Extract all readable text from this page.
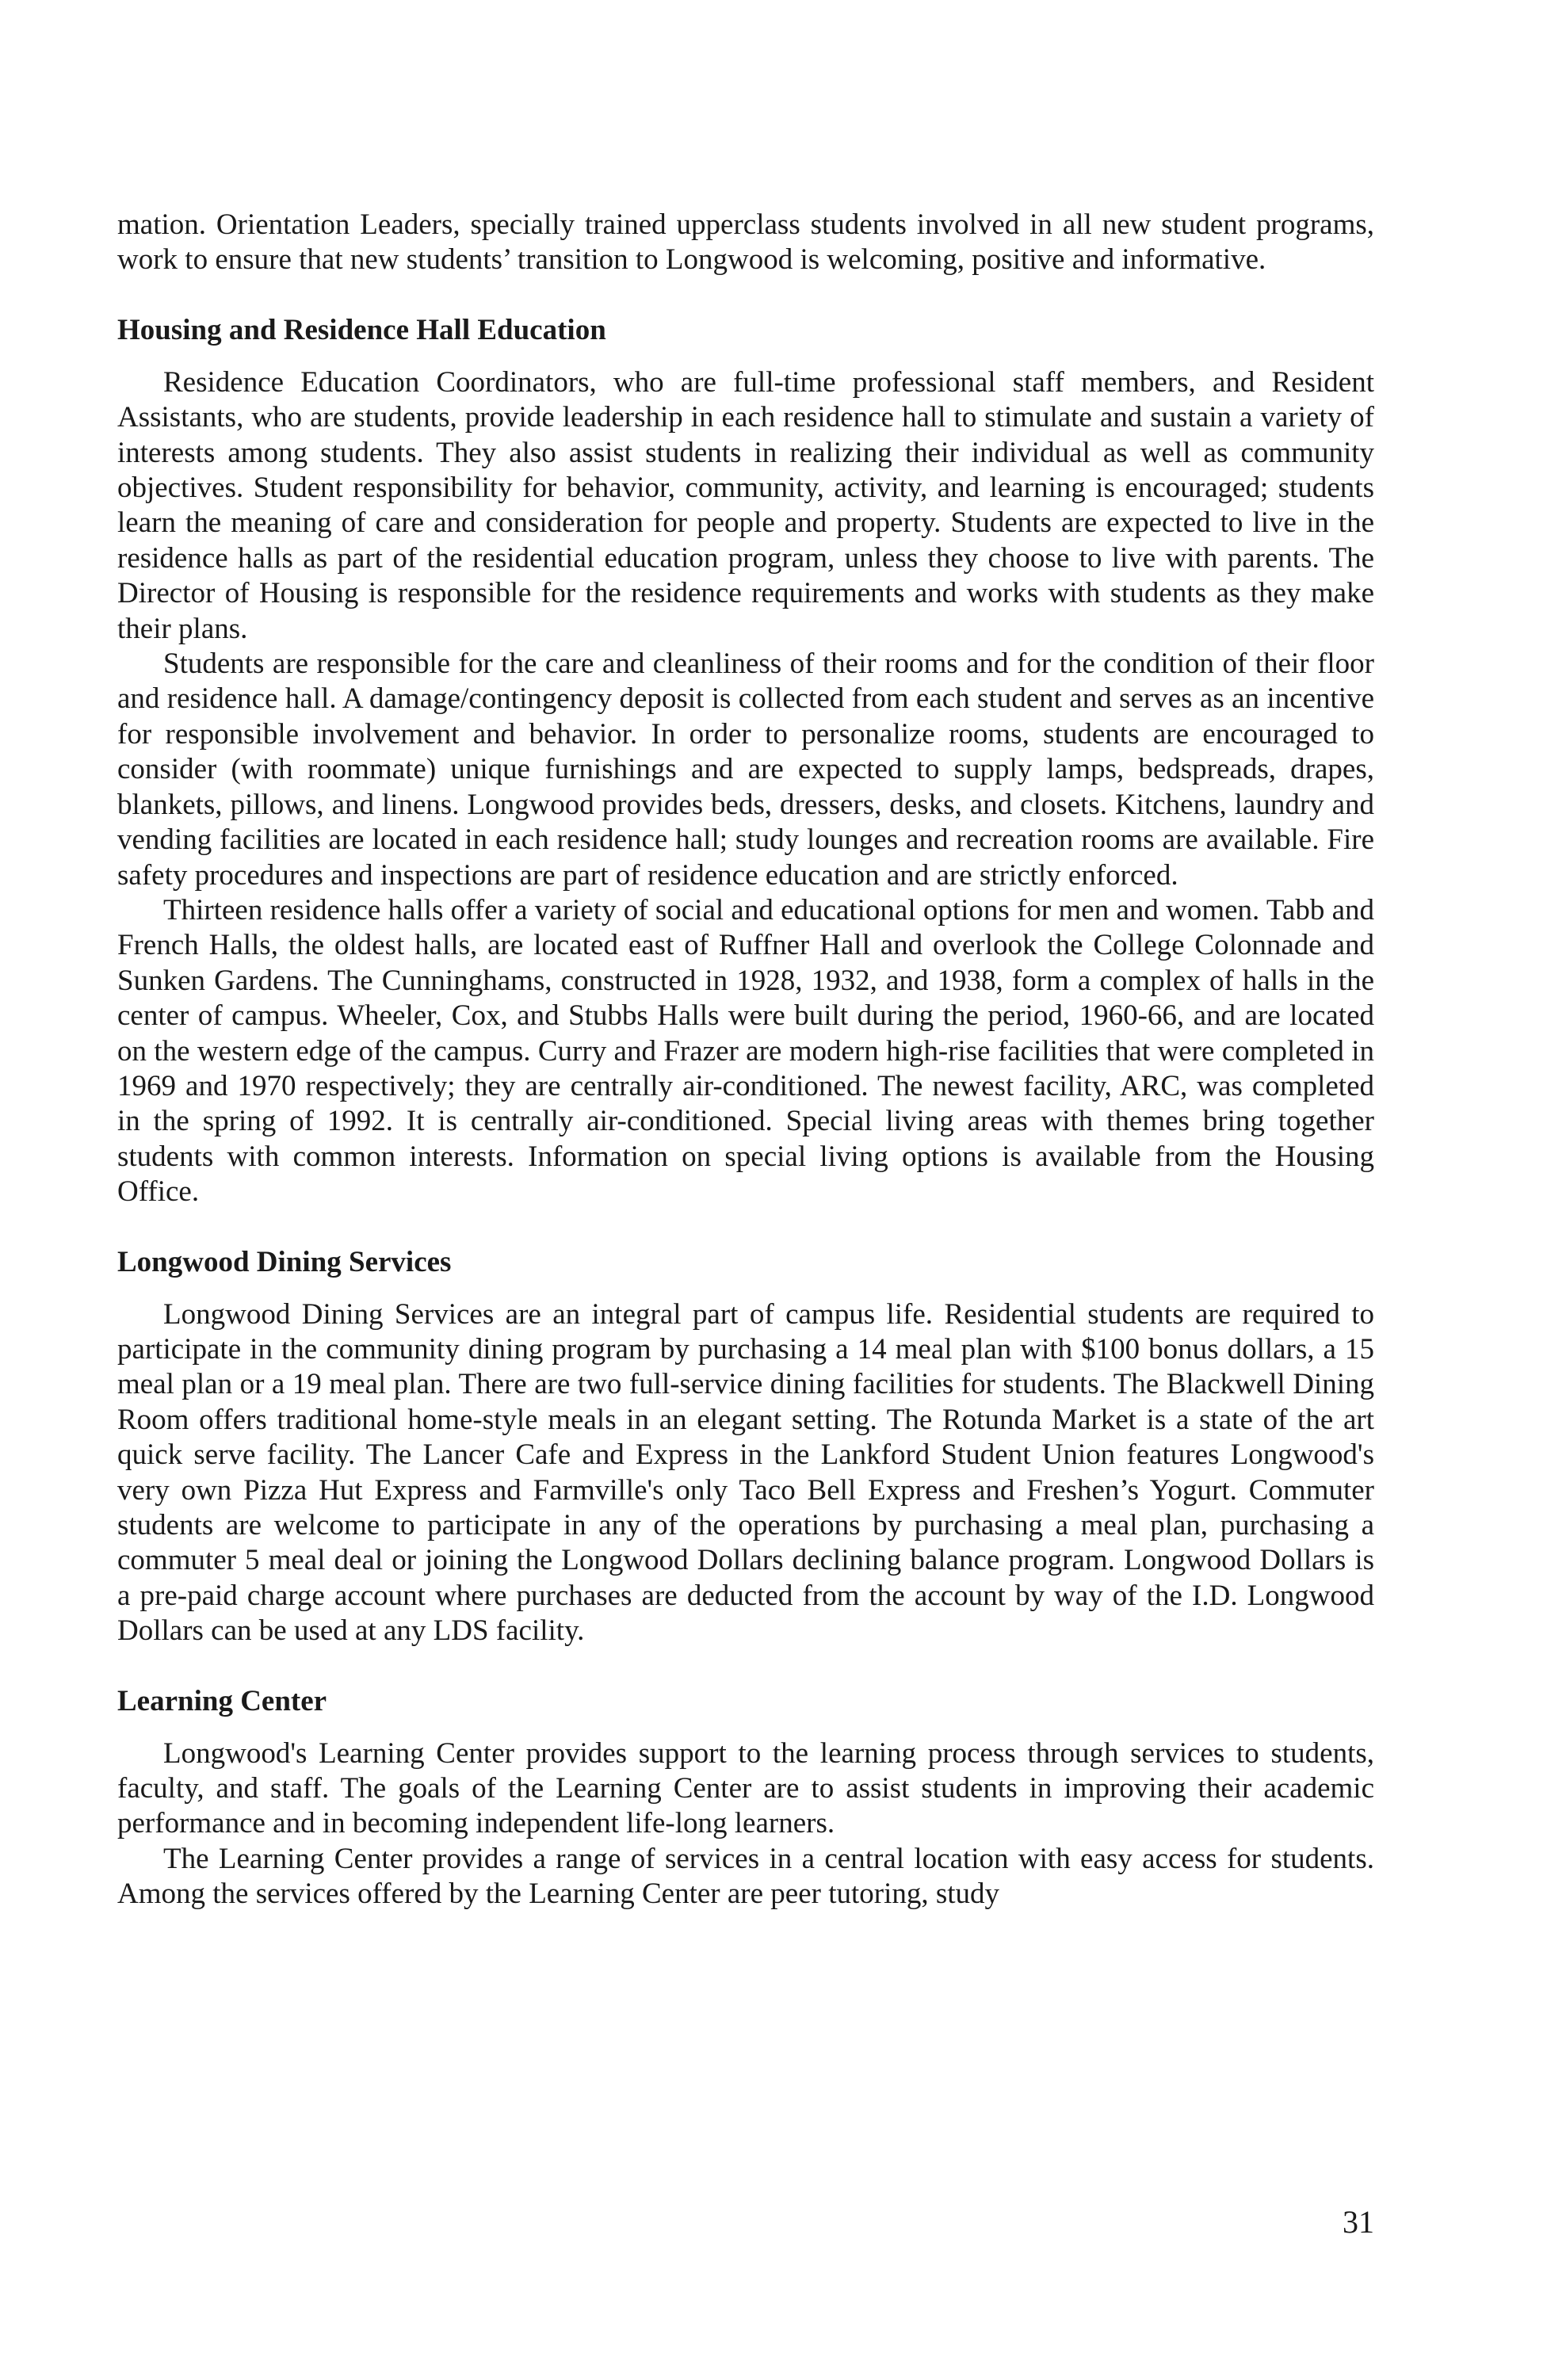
mation. Orientation Leaders, specially trained upperclass students involved in all new student programs, work to ensure that new students’ transition to Longwood is welcoming, positive and informative.

Housing and Residence Hall Education

Residence Education Coordinators, who are full-time professional staff members, and Resident Assistants, who are students, provide leadership in each residence hall to stimulate and sustain a variety of interests among students. They also assist students in realizing their individual as well as community objectives. Student responsibility for behavior, community, activity, and learning is encouraged; students learn the meaning of care and consideration for people and property. Students are expected to live in the residence halls as part of the residential education program, unless they choose to live with parents. The Director of Housing is responsible for the residence requirements and works with students as they make their plans.

Students are responsible for the care and cleanliness of their rooms and for the condition of their floor and residence hall. A damage/contingency deposit is collected from each student and serves as an incentive for responsible involvement and behavior. In order to personalize rooms, students are encouraged to consider (with roommate) unique furnishings and are expected to supply lamps, bedspreads, drapes, blankets, pillows, and linens. Longwood provides beds, dressers, desks, and closets. Kitchens, laundry and vending facilities are located in each residence hall; study lounges and recreation rooms are available. Fire safety procedures and inspections are part of residence education and are strictly enforced.

Thirteen residence halls offer a variety of social and educational options for men and women. Tabb and French Halls, the oldest halls, are located east of Ruffner Hall and overlook the College Colonnade and Sunken Gardens. The Cunninghams, constructed in 1928, 1932, and 1938, form a complex of halls in the center of campus. Wheeler, Cox, and Stubbs Halls were built during the period, 1960-66, and are located on the western edge of the campus. Curry and Frazer are modern high-rise facilities that were completed in 1969 and 1970 respectively; they are centrally air-conditioned. The newest facility, ARC, was completed in the spring of 1992. It is centrally air-conditioned. Special living areas with themes bring together students with common interests. Information on special living options is available from the Housing Office.

Longwood Dining Services

Longwood Dining Services are an integral part of campus life. Residential students are required to participate in the community dining program by purchasing a 14 meal plan with $100 bonus dollars, a 15 meal plan or a 19 meal plan. There are two full-service dining facilities for students. The Blackwell Dining Room offers traditional home-style meals in an elegant setting. The Rotunda Market is a state of the art quick serve facility. The Lancer Cafe and Express in the Lankford Student Union features Longwood's very own Pizza Hut Express and Farmville's only Taco Bell Express and Freshen’s Yogurt. Commuter students are welcome to participate in any of the operations by purchasing a meal plan, purchasing a commuter 5 meal deal or joining the Longwood Dollars declining balance program. Longwood Dollars is a pre-paid charge account where purchases are deducted from the account by way of the I.D. Longwood Dollars can be used at any LDS facility.

Learning Center

Longwood's Learning Center provides support to the learning process through services to students, faculty, and staff. The goals of the Learning Center are to assist students in improving their academic performance and in becoming independent life-long learners.

The Learning Center provides a range of services in a central location with easy access for students. Among the services offered by the Learning Center are peer tutoring, study

31
